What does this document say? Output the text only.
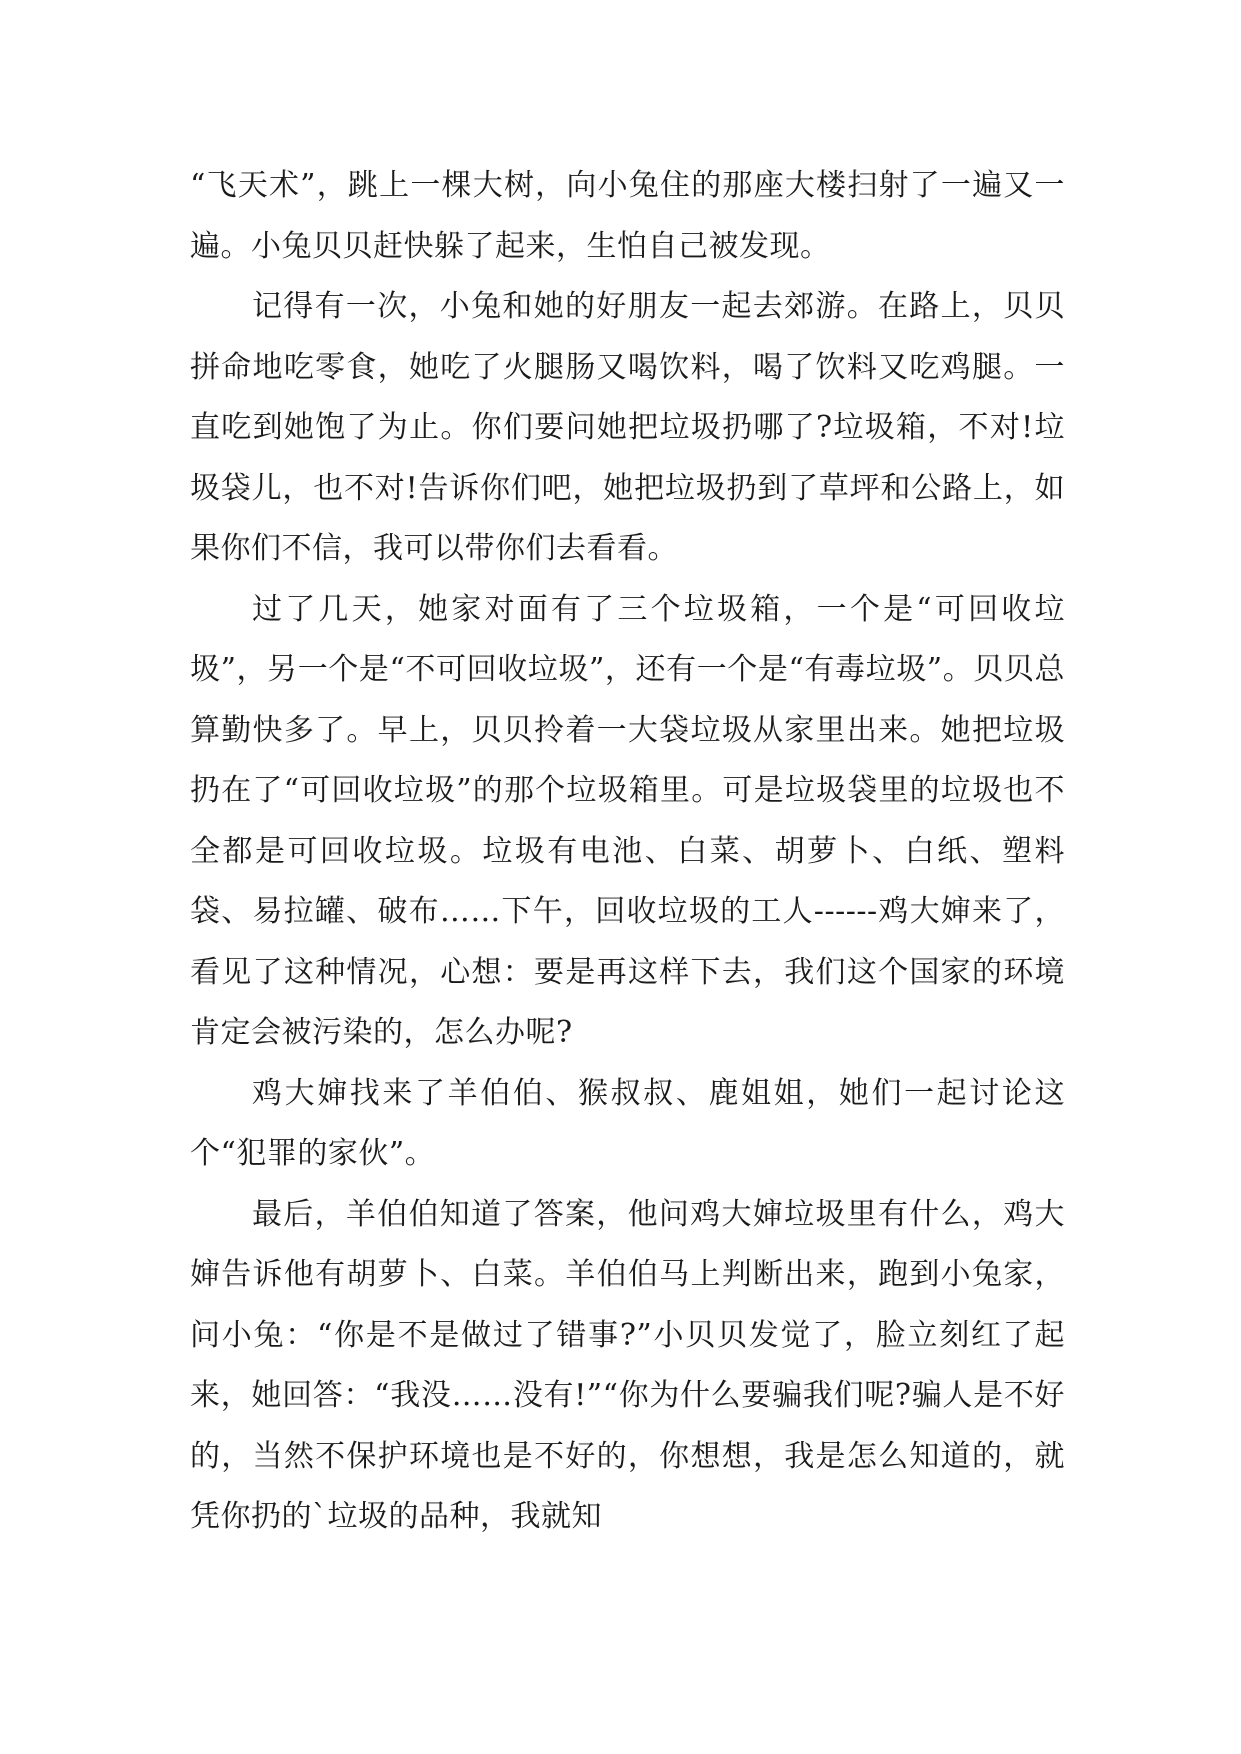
“飞天术”，跳上一棵大树，向小兔住的那座大楼扫射了一遍又一遍。小兔贝贝赶快躲了起来，生怕自己被发现。

记得有一次，小兔和她的好朋友一起去郊游。在路上，贝贝拼命地吃零食，她吃了火腿肠又喝饮料，喝了饮料又吃鸡腿。一直吃到她饱了为止。你们要问她把垃圾扔哪了?垃圾箱，不对!垃圾袋儿，也不对!告诉你们吧，她把垃圾扔到了草坪和公路上，如果你们不信，我可以带你们去看看。

过了几天，她家对面有了三个垃圾箱，一个是“可回收垃圾”，另一个是“不可回收垃圾”，还有一个是“有毒垃圾”。贝贝总算勤快多了。早上，贝贝拎着一大袋垃圾从家里出来。她把垃圾扔在了“可回收垃圾”的那个垃圾箱里。可是垃圾袋里的垃圾也不全都是可回收垃圾。垃圾有电池、白菜、胡萝卜、白纸、塑料袋、易拉罐、破布……下午，回收垃圾的工人------鸡大婶来了，看见了这种情况，心想：要是再这样下去，我们这个国家的环境肯定会被污染的，怎么办呢?

鸡大婶找来了羊伯伯、猴叔叔、鹿姐姐，她们一起讨论这个“犯罪的家伙”。

最后，羊伯伯知道了答案，他问鸡大婶垃圾里有什么，鸡大婶告诉他有胡萝卜、白菜。羊伯伯马上判断出来，跑到小兔家，问小兔：“你是不是做过了错事?”小贝贝发觉了，脸立刻红了起来，她回答：“我没……没有!”“你为什么要骗我们呢?骗人是不好的，当然不保护环境也是不好的，你想想，我是怎么知道的，就凭你扔的`垃圾的品种，我就知
